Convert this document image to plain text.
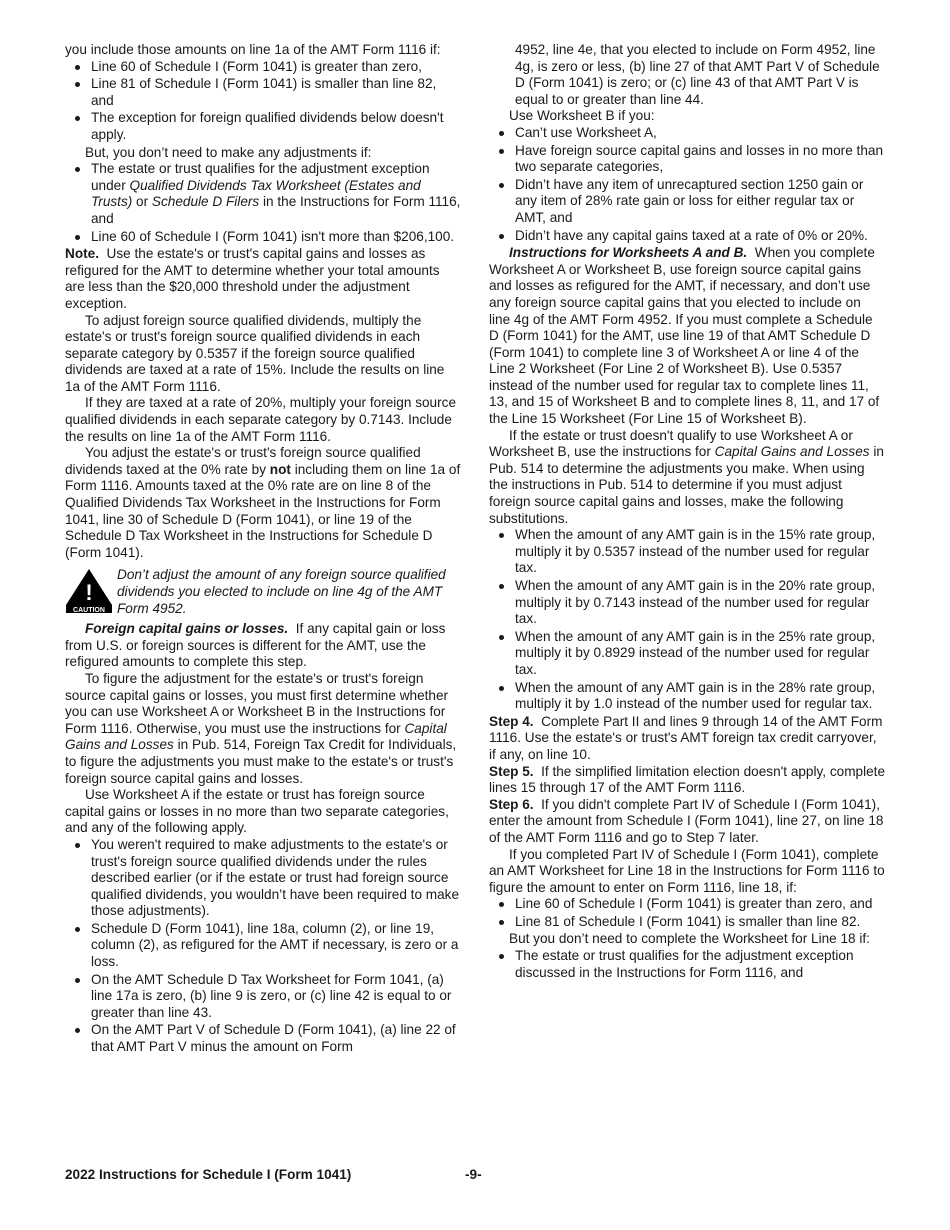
you include those amounts on line 1a of the AMT Form 1116 if:

Line 60 of Schedule I (Form 1041) is greater than zero,
Line 81 of Schedule I (Form 1041) is smaller than line 82, and
The exception for foreign qualified dividends below doesn't apply.

But, you don’t need to make any adjustments if:

The estate or trust qualifies for the adjustment exception under Qualified Dividends Tax Worksheet (Estates and Trusts) or Schedule D Filers in the Instructions for Form 1116, and
Line 60 of Schedule I (Form 1041) isn't more than $206,100.

Note. Use the estate's or trust's capital gains and losses as refigured for the AMT to determine whether your total amounts are less than the $20,000 threshold under the adjustment exception.

To adjust foreign source qualified dividends, multiply the estate's or trust's foreign source qualified dividends in each separate category by 0.5357 if the foreign source qualified dividends are taxed at a rate of 15%. Include the results on line 1a of the AMT Form 1116.

If they are taxed at a rate of 20%, multiply your foreign source qualified dividends in each separate category by 0.7143. Include the results on line 1a of the AMT Form 1116.

You adjust the estate's or trust's foreign source qualified dividends taxed at the 0% rate by not including them on line 1a of Form 1116. Amounts taxed at the 0% rate are on line 8 of the Qualified Dividends Tax Worksheet in the Instructions for Form 1041, line 30 of Schedule D (Form 1041), or line 19 of the Schedule D Tax Worksheet in the Instructions for Schedule D (Form 1041).

!
CAUTION
Don’t adjust the amount of any foreign source qualified dividends you elected to include on line 4g of the AMT Form 4952.

Foreign capital gains or losses. If any capital gain or loss from U.S. or foreign sources is different for the AMT, use the refigured amounts to complete this step.

To figure the adjustment for the estate's or trust's foreign source capital gains or losses, you must first determine whether you can use Worksheet A or Worksheet B in the Instructions for Form 1116. Otherwise, you must use the instructions for Capital Gains and Losses in Pub. 514, Foreign Tax Credit for Individuals, to figure the adjustments you must make to the estate's or trust's foreign source capital gains and losses.

Use Worksheet A if the estate or trust has foreign source capital gains or losses in no more than two separate categories, and any of the following apply.

You weren't required to make adjustments to the estate's or trust's foreign source qualified dividends under the rules described earlier (or if the estate or trust had foreign source qualified dividends, you wouldn’t have been required to make those adjustments).
Schedule D (Form 1041), line 18a, column (2), or line 19, column (2), as refigured for the AMT if necessary, is zero or a loss.
On the AMT Schedule D Tax Worksheet for Form 1041, (a) line 17a is zero, (b) line 9 is zero, or (c) line 42 is equal to or greater than line 43.
On the AMT Part V of Schedule D (Form 1041), (a) line 22 of that AMT Part V minus the amount on Form

4952, line 4e, that you elected to include on Form 4952, line 4g, is zero or less, (b) line 27 of that AMT Part V of Schedule D (Form 1041) is zero; or (c) line 43 of that AMT Part V is equal to or greater than line 44.

Use Worksheet B if you:

Can’t use Worksheet A,
Have foreign source capital gains and losses in no more than two separate categories,
Didn’t have any item of unrecaptured section 1250 gain or any item of 28% rate gain or loss for either regular tax or AMT, and
Didn’t have any capital gains taxed at a rate of 0% or 20%.

Instructions for Worksheets A and B. When you complete Worksheet A or Worksheet B, use foreign source capital gains and losses as refigured for the AMT, if necessary, and don’t use any foreign source capital gains that you elected to include on line 4g of the AMT Form 4952. If you must complete a Schedule D (Form 1041) for the AMT, use line 19 of that AMT Schedule D (Form 1041) to complete line 3 of Worksheet A or line 4 of the Line 2 Worksheet (For Line 2 of Worksheet B). Use 0.5357 instead of the number used for regular tax to complete lines 11, 13, and 15 of Worksheet B and to complete lines 8, 11, and 17 of the Line 15 Worksheet (For Line 15 of Worksheet B).

If the estate or trust doesn't qualify to use Worksheet A or Worksheet B, use the instructions for Capital Gains and Losses in Pub. 514 to determine the adjustments you make. When using the instructions in Pub. 514 to determine if you must adjust foreign source capital gains and losses, make the following substitutions.

When the amount of any AMT gain is in the 15% rate group, multiply it by 0.5357 instead of the number used for regular tax.
When the amount of any AMT gain is in the 20% rate group, multiply it by 0.7143 instead of the number used for regular tax.
When the amount of any AMT gain is in the 25% rate group, multiply it by 0.8929 instead of the number used for regular tax.
When the amount of any AMT gain is in the 28% rate group, multiply it by 1.0 instead of the number used for regular tax.

Step 4. Complete Part II and lines 9 through 14 of the AMT Form 1116. Use the estate's or trust's AMT foreign tax credit carryover, if any, on line 10.

Step 5. If the simplified limitation election doesn't apply, complete lines 15 through 17 of the AMT Form 1116.

Step 6. If you didn't complete Part IV of Schedule I (Form 1041), enter the amount from Schedule I (Form 1041), line 27, on line 18 of the AMT Form 1116 and go to Step 7 later.

If you completed Part IV of Schedule I (Form 1041), complete an AMT Worksheet for Line 18 in the Instructions for Form 1116 to figure the amount to enter on Form 1116, line 18, if:

Line 60 of Schedule I (Form 1041) is greater than zero, and
Line 81 of Schedule I (Form 1041) is smaller than line 82.

But you don’t need to complete the Worksheet for Line 18 if:

The estate or trust qualifies for the adjustment exception discussed in the Instructions for Form 1116, and
2022 Instructions for Schedule I (Form 1041)	-9-
